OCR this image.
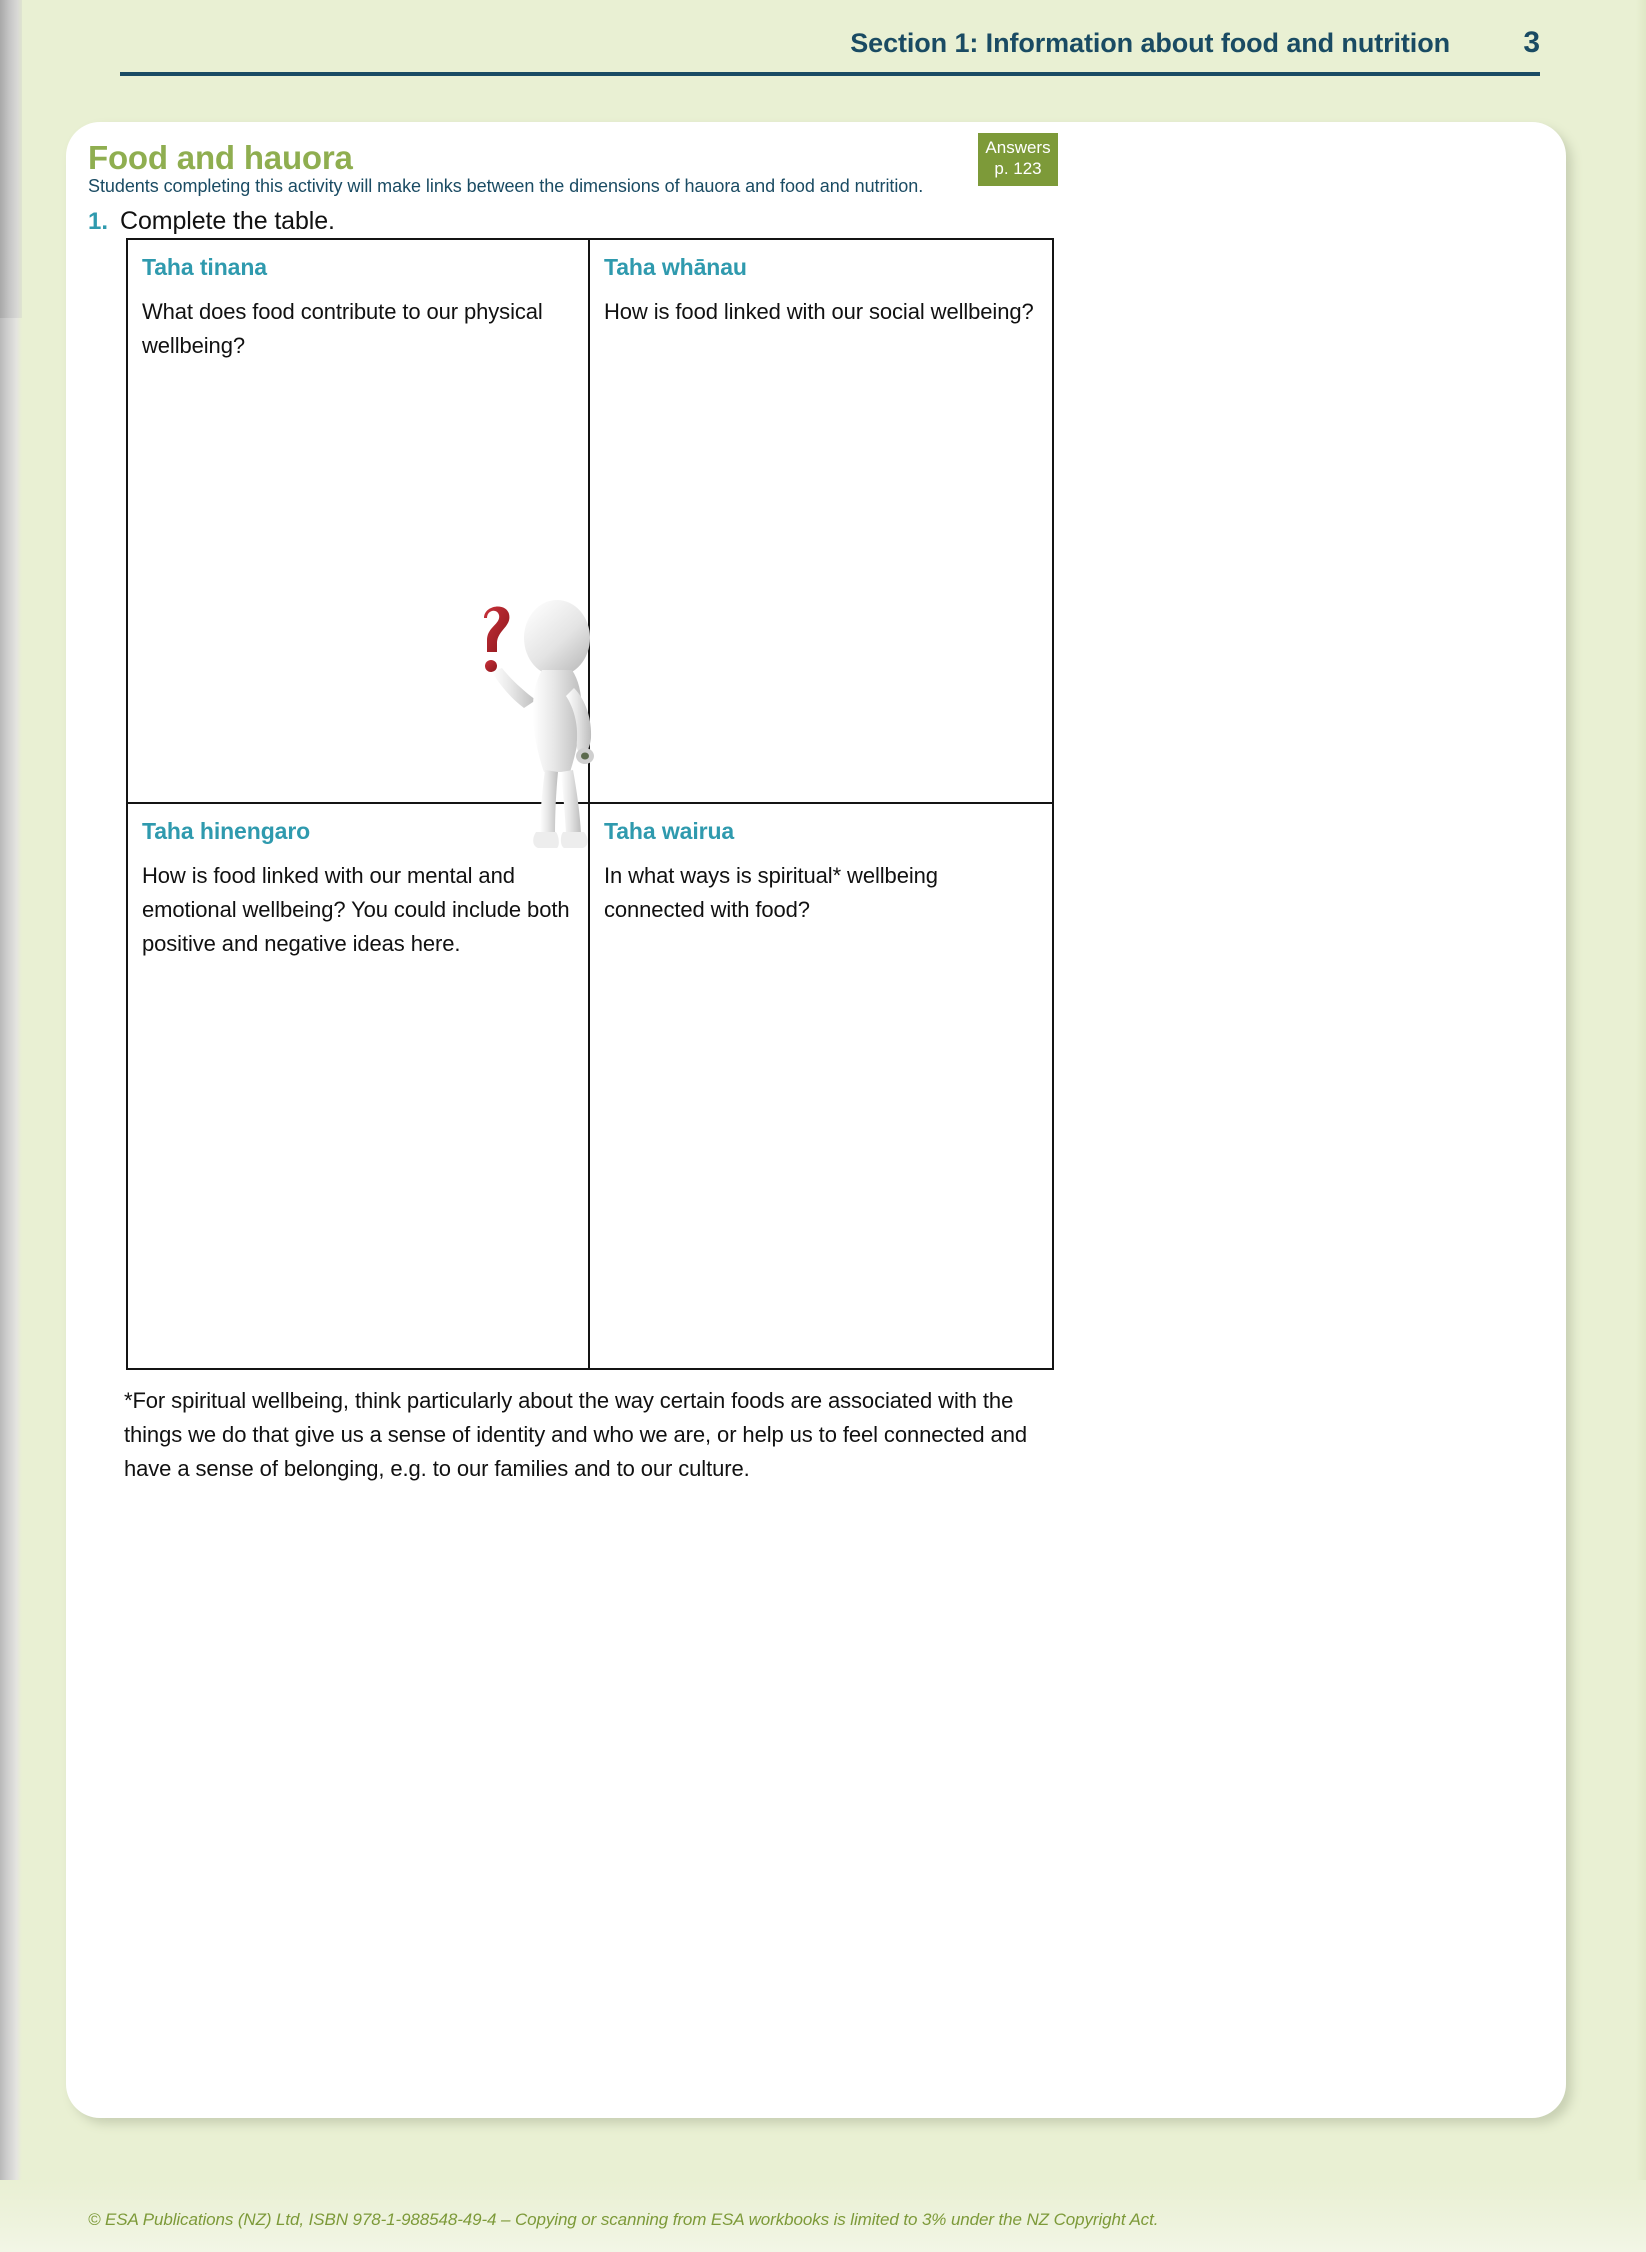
Section 1: Information about food and nutrition	3
Food and hauora
Students completing this activity will make links between the dimensions of hauora and food and nutrition.
Answers
p. 123
1. Complete the table.
Taha tinana
What does food contribute to our physical wellbeing?
Taha whānau
How is food linked with our social wellbeing?
Taha hinengaro
How is food linked with our mental and emotional wellbeing? You could include both positive and negative ideas here.
Taha wairua
In what ways is spiritual* wellbeing connected with food?
*For spiritual wellbeing, think particularly about the way certain foods are associated with the things we do that give us a sense of identity and who we are, or help us to feel connected and have a sense of belonging, e.g. to our families and to our culture.
© ESA Publications (NZ) Ltd, ISBN 978-1-988548-49-4 – Copying or scanning from ESA workbooks is limited to 3% under the NZ Copyright Act.
